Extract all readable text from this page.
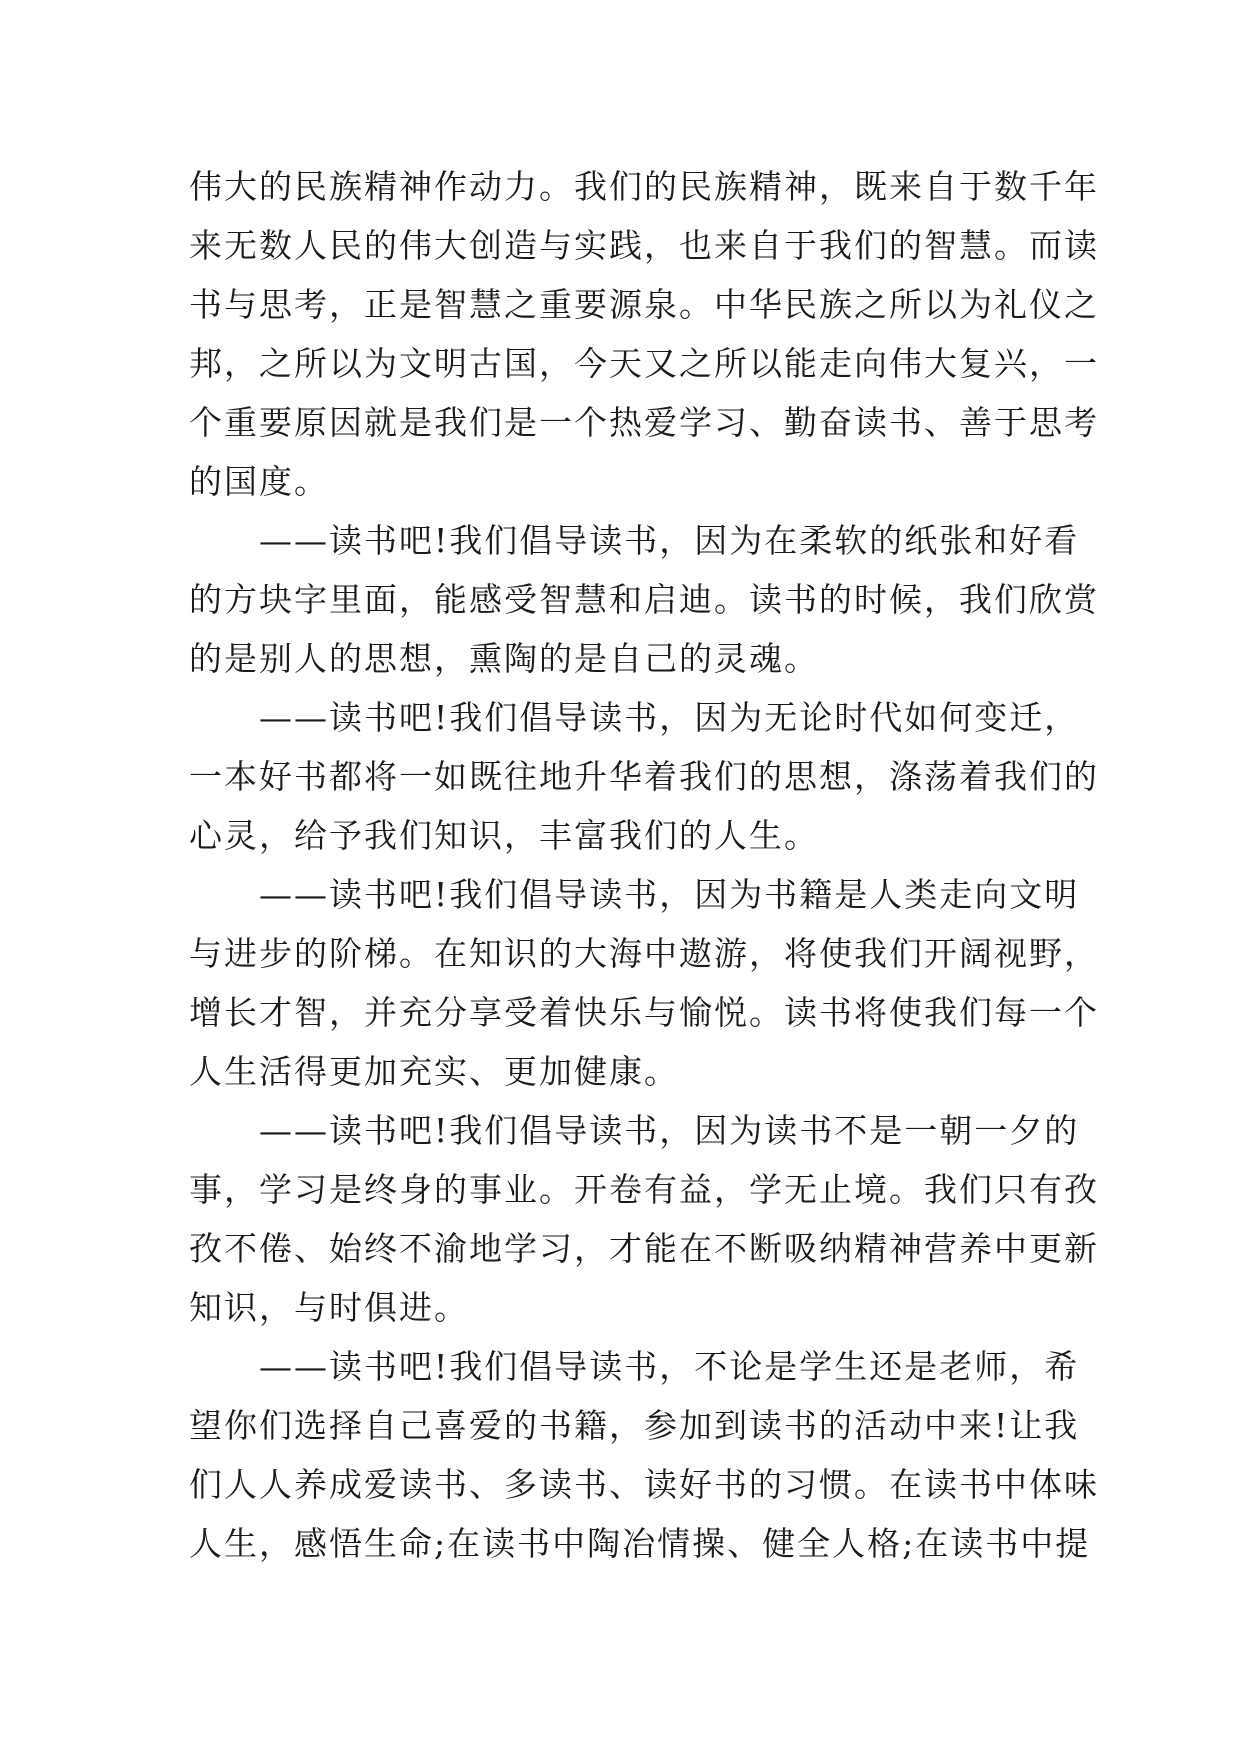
伟大的民族精神作动力。我们的民族精神，既来自于数千年
来无数人民的伟大创造与实践，也来自于我们的智慧。而读
书与思考，正是智慧之重要源泉。中华民族之所以为礼仪之
邦，之所以为文明古国，今天又之所以能走向伟大复兴，一
个重要原因就是我们是一个热爱学习、勤奋读书、善于思考
的国度。
　　——读书吧!我们倡导读书，因为在柔软的纸张和好看
的方块字里面，能感受智慧和启迪。读书的时候，我们欣赏
的是别人的思想，熏陶的是自己的灵魂。
　　——读书吧!我们倡导读书，因为无论时代如何变迁，
一本好书都将一如既往地升华着我们的思想，涤荡着我们的
心灵，给予我们知识，丰富我们的人生。
　　——读书吧!我们倡导读书，因为书籍是人类走向文明
与进步的阶梯。在知识的大海中遨游，将使我们开阔视野，
增长才智，并充分享受着快乐与愉悦。读书将使我们每一个
人生活得更加充实、更加健康。
　　——读书吧!我们倡导读书，因为读书不是一朝一夕的
事，学习是终身的事业。开卷有益，学无止境。我们只有孜
孜不倦、始终不渝地学习，才能在不断吸纳精神营养中更新
知识，与时俱进。
　　——读书吧!我们倡导读书，不论是学生还是老师，希
望你们选择自己喜爱的书籍，参加到读书的活动中来!让我
们人人养成爱读书、多读书、读好书的习惯。在读书中体味
人生，感悟生命;在读书中陶冶情操、健全人格;在读书中提
